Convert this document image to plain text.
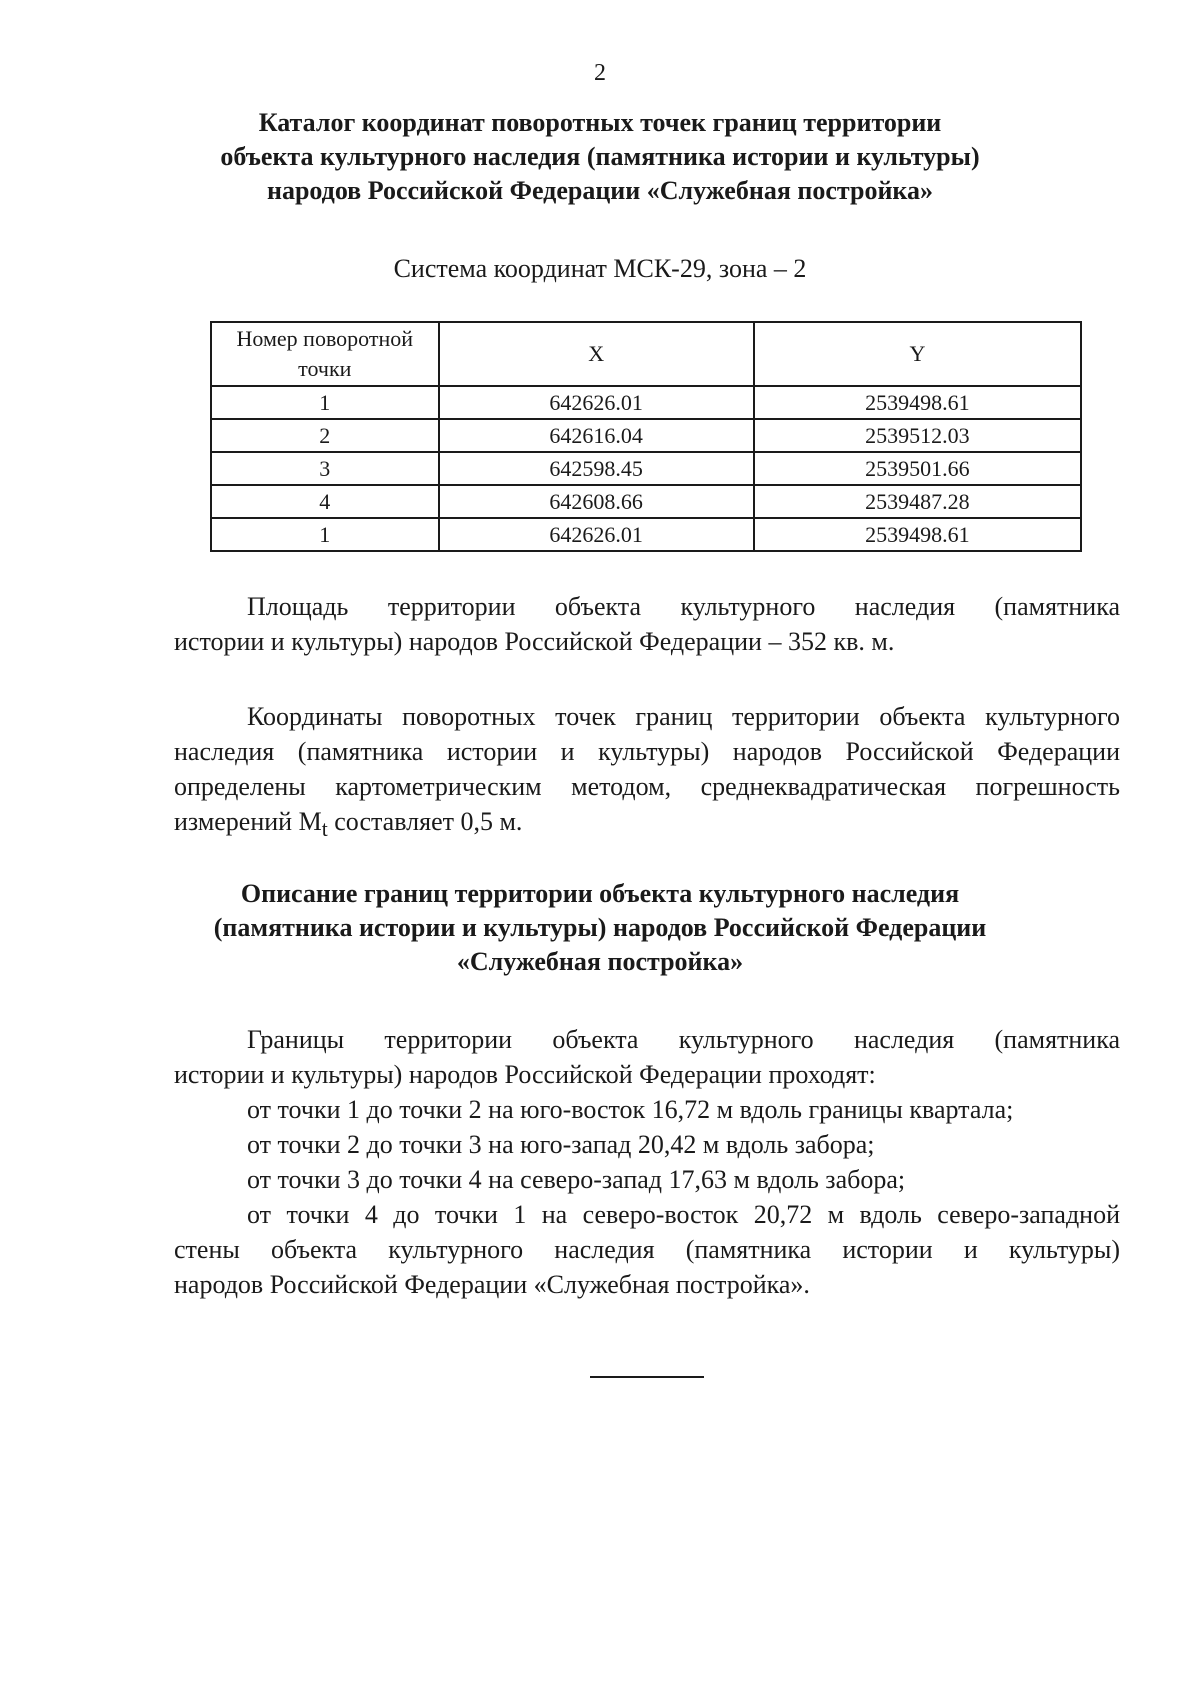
2
Каталог координат поворотных точек границ территории
объекта культурного наследия (памятника истории и культуры)
народов Российской Федерации «Служебная постройка»
Система координат МСК-29, зона – 2
Номер поворотной точки	X	Y
1	642626.01	2539498.61
2	642616.04	2539512.03
3	642598.45	2539501.66
4	642608.66	2539487.28
1	642626.01	2539498.61
Площадь территории объекта культурного наследия (памятника
истории и культуры) народов Российской Федерации – 352 кв. м.
Координаты поворотных точек границ территории объекта культурного
наследия (памятника истории и культуры) народов Российской Федерации
определены картометрическим методом, среднеквадратическая погрешность
измерений $M_t$ составляет 0,5 м.
Описание границ территории объекта культурного наследия
(памятника истории и культуры) народов Российской Федерации
«Служебная постройка»
Границы территории объекта культурного наследия (памятника
истории и культуры) народов Российской Федерации проходят:
от точки 1 до точки 2 на юго-восток 16,72 м вдоль границы квартала;
от точки 2 до точки 3 на юго-запад 20,42 м вдоль забора;
от точки 3 до точки 4 на северо-запад 17,63 м вдоль забора;
от точки 4 до точки 1 на северо-восток 20,72 м вдоль северо-западной
стены объекта культурного наследия (памятника истории и культуры)
народов Российской Федерации «Служебная постройка».
